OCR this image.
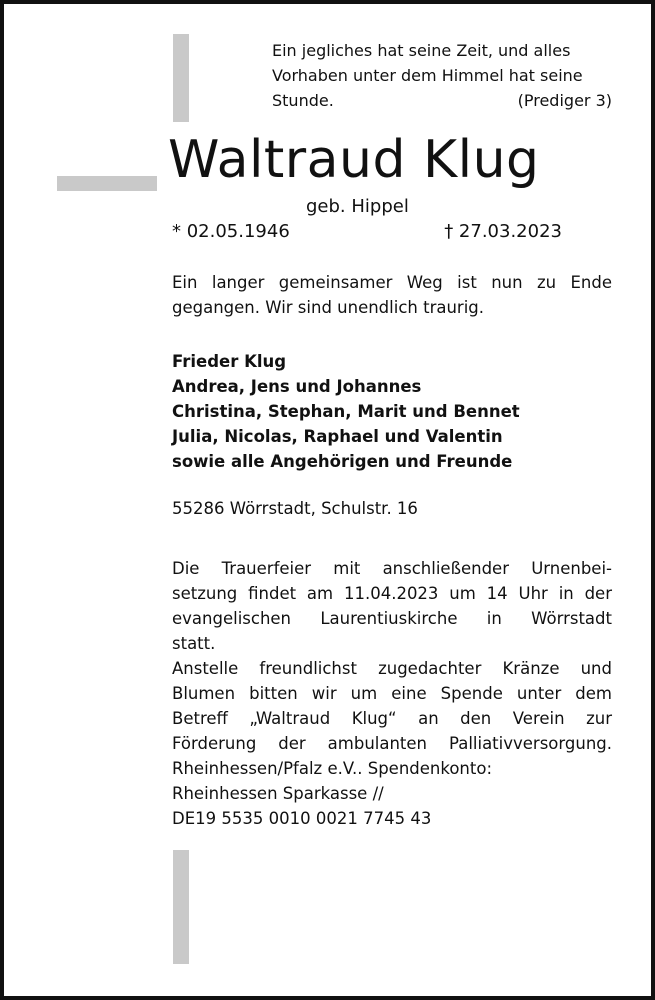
Ein jegliches hat seine Zeit, und alles
Vorhaben unter dem Himmel hat seine
Stunde.	(Prediger 3)
Waltraud Klug
geb. Hippel
* 02.05.1946	† 27.03.2023
Ein langer gemeinsamer Weg ist nun zu Ende
gegangen. Wir sind unendlich traurig.
Frieder Klug
Andrea, Jens und Johannes
Christina, Stephan, Marit und Bennet
Julia, Nicolas, Raphael und Valentin
sowie alle Angehörigen und Freunde
55286 Wörrstadt, Schulstr. 16
Die Trauerfeier mit anschließender Urnenbei-
setzung findet am 11.04.2023 um 14 Uhr in der
evangelischen Laurentiuskirche in Wörrstadt
statt.
Anstelle freundlichst zugedachter Kränze und
Blumen bitten wir um eine Spende unter dem
Betreff „Waltraud Klug“ an den Verein zur
Förderung der ambulanten Palliativversorgung.
Rheinhessen/Pfalz e.V.. Spendenkonto:
Rheinhessen Sparkasse //
DE19 5535 0010 0021 7745 43
